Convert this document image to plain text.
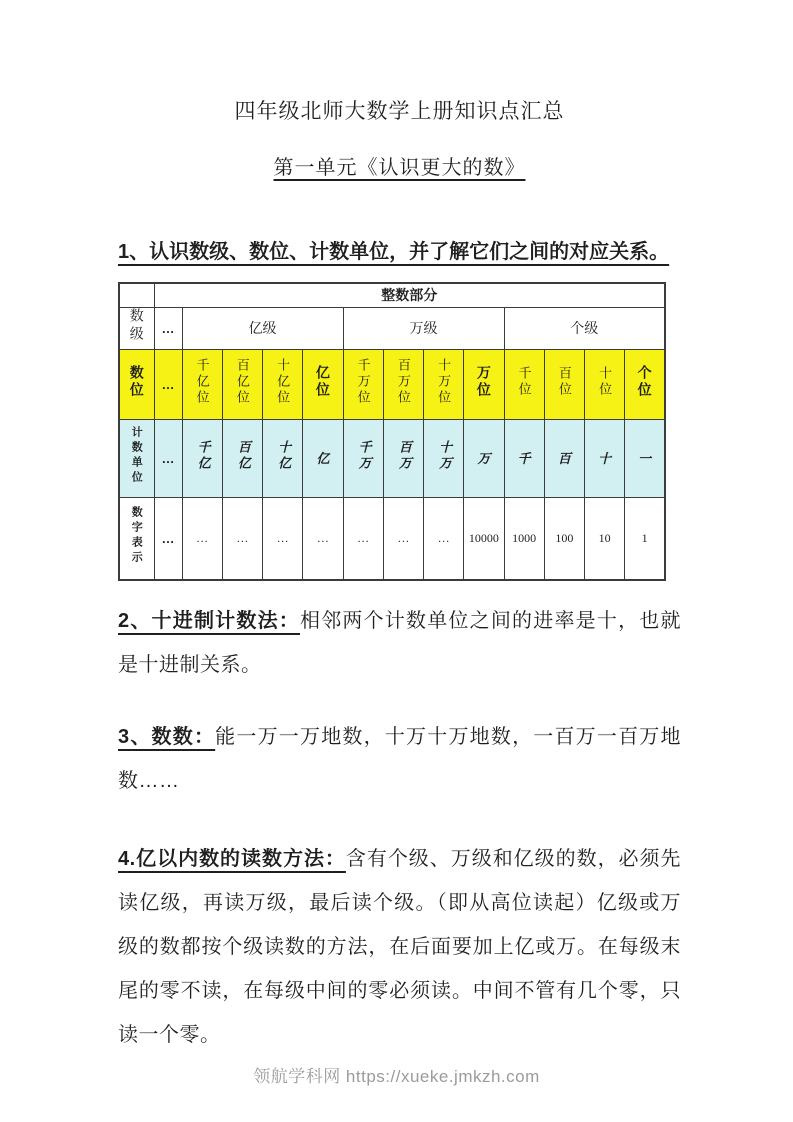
四年级北师大数学上册知识点汇总
第一单元《认识更大的数》
1、认识数级、数位、计数单位，并了解它们之间的对应关系。
	整数部分												
数级	…	亿级				万级				个级			
数位	…	千亿位	百亿位	十亿位	亿位	千万位	百万位	十万位	万位	千位	百位	十位	个位
计数单位	…	千亿	百亿	十亿	亿	千万	百万	十万	万	千	百	十	一
数字表示	…	…	…	…	…	…	…	…	10000	1000	100	10	1

2、十进制计数法：相邻两个计数单位之间的进率是十，也就是十进制关系。

3、数数：能一万一万地数，十万十万地数，一百万一百万地数……

4.亿以内数的读数方法：含有个级、万级和亿级的数，必须先读亿级，再读万级，最后读个级。（即从高位读起）亿级或万级的数都按个级读数的方法，在后面要加上亿或万。在每级末尾的零不读，在每级中间的零必须读。中间不管有几个零，只读一个零。

领航学科网 https://xueke.jmkzh.com
